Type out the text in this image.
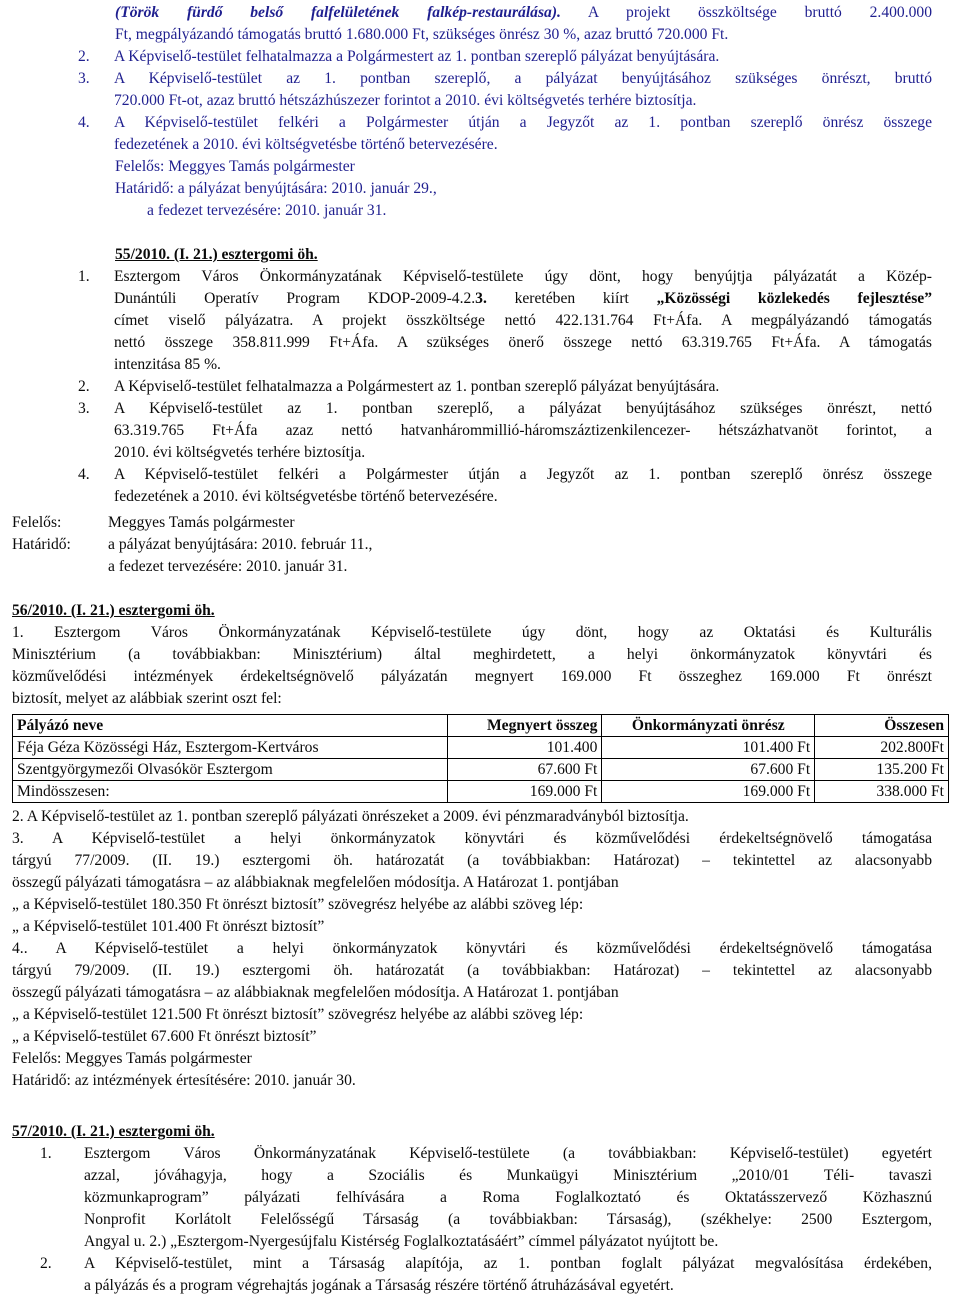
(Török fürdő belső falfelületének falkép-restaurálása). A projekt összköltsége bruttó 2.400.000
Ft, megpályázandó támogatás bruttó 1.680.000 Ft, szükséges önrész 30 %, azaz bruttó 720.000 Ft.
2.	A Képviselő-testület felhatalmazza a Polgármestert az 1. pontban szereplő pályázat benyújtására.
3.	A Képviselő-testület az 1. pontban szereplő, a pályázat benyújtásához szükséges önrészt, bruttó
720.000 Ft-ot, azaz bruttó hétszázhúszezer forintot a 2010. évi költségvetés terhére biztosítja.
4.	A Képviselő-testület felkéri a Polgármester útján a Jegyzőt az 1. pontban szereplő önrész összege
fedezetének a 2010. évi költségvetésbe történő betervezésére.
Felelős: Meggyes Tamás polgármester
Határidő: a pályázat benyújtására: 2010. január 29.,
a fedezet tervezésére: 2010. január 31.
55/2010. (I. 21.) esztergomi öh.
1.	Esztergom Város Önkormányzatának Képviselő-testülete úgy dönt, hogy benyújtja pályázatát a Közép-
Dunántúli Operatív Program KDOP-2009-4.2.3. keretében kiírt „Közösségi közlekedés fejlesztése”
címet viselő pályázatra. A projekt összköltsége nettó 422.131.764 Ft+Áfa. A megpályázandó támogatás
nettó összege 358.811.999 Ft+Áfa. A szükséges önerő összege nettó 63.319.765 Ft+Áfa. A támogatás
intenzitása 85 %.
2.	A Képviselő-testület felhatalmazza a Polgármestert az 1. pontban szereplő pályázat benyújtására.
3.	A Képviselő-testület az 1. pontban szereplő, a pályázat benyújtásához szükséges önrészt, nettó
63.319.765 Ft+Áfa azaz nettó hatvanhárommillió-háromszáztizenkilencezer- hétszázhatvanöt forintot, a
2010. évi költségvetés terhére biztosítja.
4.	A Képviselő-testület felkéri a Polgármester útján a Jegyzőt az 1. pontban szereplő önrész összege
fedezetének a 2010. évi költségvetésbe történő betervezésére.
Felelős:	Meggyes Tamás polgármester
Határidő:	a pályázat benyújtására: 2010. február 11.,
a fedezet tervezésére: 2010. január 31.
56/2010. (I. 21.) esztergomi öh.
1. Esztergom Város Önkormányzatának Képviselő-testülete úgy dönt, hogy az Oktatási és Kulturális
Minisztérium (a továbbiakban: Minisztérium) által meghirdetett, a helyi önkormányzatok könyvtári és
közművelődési intézmények érdekeltségnövelő pályázatán megnyert 169.000 Ft összeghez 169.000 Ft önrészt
biztosít, melyet az alábbiak szerint oszt fel:
Pályázó neve	Megnyert összeg	Önkormányzati önrész	Összesen
Féja Géza Közösségi Ház, Esztergom-Kertváros	101.400	101.400 Ft	202.800Ft
Szentgyörgymezői Olvasókör Esztergom	67.600 Ft	67.600 Ft	135.200 Ft
Mindösszesen:	169.000 Ft	169.000 Ft	338.000 Ft
2. A Képviselő-testület az 1. pontban szereplő pályázati önrészeket a 2009. évi pénzmaradványból biztosítja.
3. A Képviselő-testület a helyi önkormányzatok könyvtári és közművelődési érdekeltségnövelő támogatása
tárgyú 77/2009. (II. 19.) esztergomi öh. határozatát (a továbbiakban: Határozat) – tekintettel az alacsonyabb
összegű pályázati támogatásra – az alábbiaknak megfelelően módosítja. A Határozat 1. pontjában
„ a Képviselő-testület 180.350 Ft önrészt biztosít” szövegrész helyébe az alábbi szöveg lép:
„ a Képviselő-testület 101.400 Ft önrészt biztosít”
4.. A Képviselő-testület a helyi önkormányzatok könyvtári és közművelődési érdekeltségnövelő támogatása
tárgyú 79/2009. (II. 19.) esztergomi öh. határozatát (a továbbiakban: Határozat) – tekintettel az alacsonyabb
összegű pályázati támogatásra – az alábbiaknak megfelelően módosítja. A Határozat 1. pontjában
„ a Képviselő-testület 121.500 Ft önrészt biztosít” szövegrész helyébe az alábbi szöveg lép:
„ a Képviselő-testület 67.600 Ft önrészt biztosít”
Felelős: Meggyes Tamás polgármester
Határidő: az intézmények értesítésére: 2010. január 30.
57/2010. (I. 21.) esztergomi öh.
1.	Esztergom Város Önkormányzatának Képviselő-testülete (a továbbiakban: Képviselő-testület) egyetért
azzal, jóváhagyja, hogy a Szociális és Munkaügyi Minisztérium „2010/01 Téli- tavaszi
közmunkaprogram” pályázati felhívására a Roma Foglalkoztató és Oktatásszervező Közhasznú
Nonprofit Korlátolt Felelősségű Társaság (a továbbiakban: Társaság), (székhelye: 2500 Esztergom,
Angyal u. 2.) „Esztergom-Nyergesújfalu Kistérség Foglalkoztatásáért” címmel pályázatot nyújtott be.
2.	A Képviselő-testület, mint a Társaság alapítója, az 1. pontban foglalt pályázat megvalósítása érdekében,
a pályázás és a program végrehajtás jogának a Társaság részére történő átruházásával egyetért.
